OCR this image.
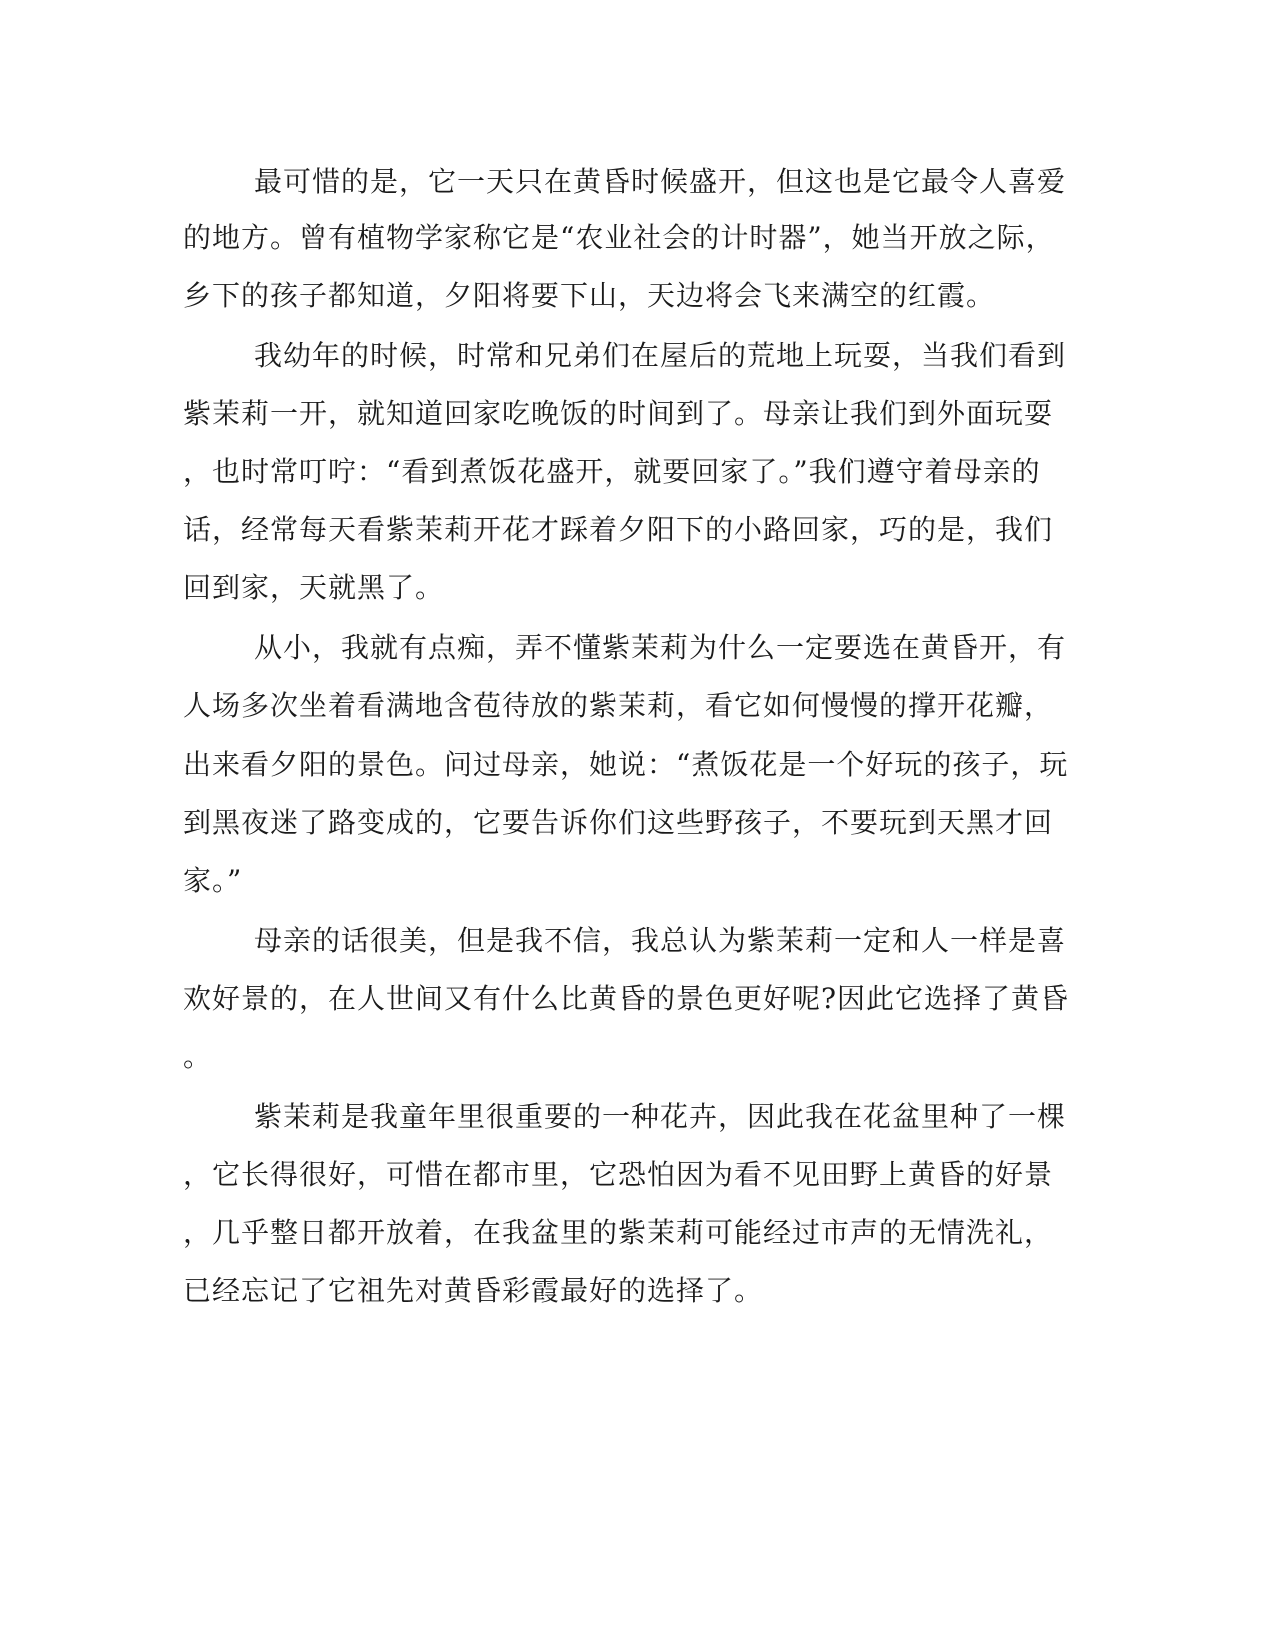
最可惜的是，它一天只在黄昏时候盛开，但这也是它最令人喜爱
的地方。曾有植物学家称它是“农业社会的计时器”，她当开放之际，
乡下的孩子都知道，夕阳将要下山，天边将会飞来满空的红霞。
我幼年的时候，时常和兄弟们在屋后的荒地上玩耍，当我们看到
紫茉莉一开，就知道回家吃晚饭的时间到了。母亲让我们到外面玩耍
，也时常叮咛：“看到煮饭花盛开，就要回家了。”我们遵守着母亲的
话，经常每天看紫茉莉开花才踩着夕阳下的小路回家，巧的是，我们
回到家，天就黑了。
从小，我就有点痴，弄不懂紫茉莉为什么一定要选在黄昏开，有
人场多次坐着看满地含苞待放的紫茉莉，看它如何慢慢的撑开花瓣，
出来看夕阳的景色。问过母亲，她说：“煮饭花是一个好玩的孩子，玩
到黑夜迷了路变成的，它要告诉你们这些野孩子，不要玩到天黑才回
家。”
母亲的话很美，但是我不信，我总认为紫茉莉一定和人一样是喜
欢好景的，在人世间又有什么比黄昏的景色更好呢?因此它选择了黄昏
。
紫茉莉是我童年里很重要的一种花卉，因此我在花盆里种了一棵
，它长得很好，可惜在都市里，它恐怕因为看不见田野上黄昏的好景
，几乎整日都开放着，在我盆里的紫茉莉可能经过市声的无情洗礼，
已经忘记了它祖先对黄昏彩霞最好的选择了。
